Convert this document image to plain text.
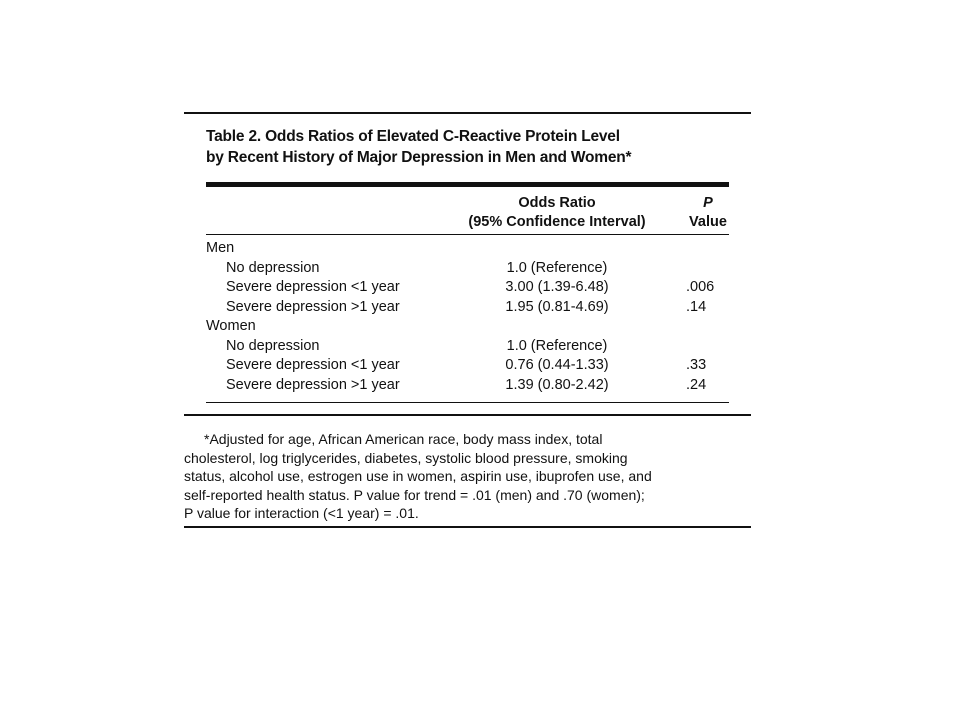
Table 2. Odds Ratios of Elevated C-Reactive Protein Level
by Recent History of Major Depression in Men and Women*
Odds Ratio
(95% Confidence Interval)
P
Value
Men
No depression	1.0 (Reference)
Severe depression <1 year	3.00 (1.39-6.48)	.006
Severe depression >1 year	1.95 (0.81-4.69)	.14
Women
No depression	1.0 (Reference)
Severe depression <1 year	0.76 (0.44-1.33)	.33
Severe depression >1 year	1.39 (0.80-2.42)	.24
*Adjusted for age, African American race, body mass index, total
cholesterol, log triglycerides, diabetes, systolic blood pressure, smoking
status, alcohol use, estrogen use in women, aspirin use, ibuprofen use, and
self-reported health status. P value for trend = .01 (men) and .70 (women);
P value for interaction (<1 year) = .01.
